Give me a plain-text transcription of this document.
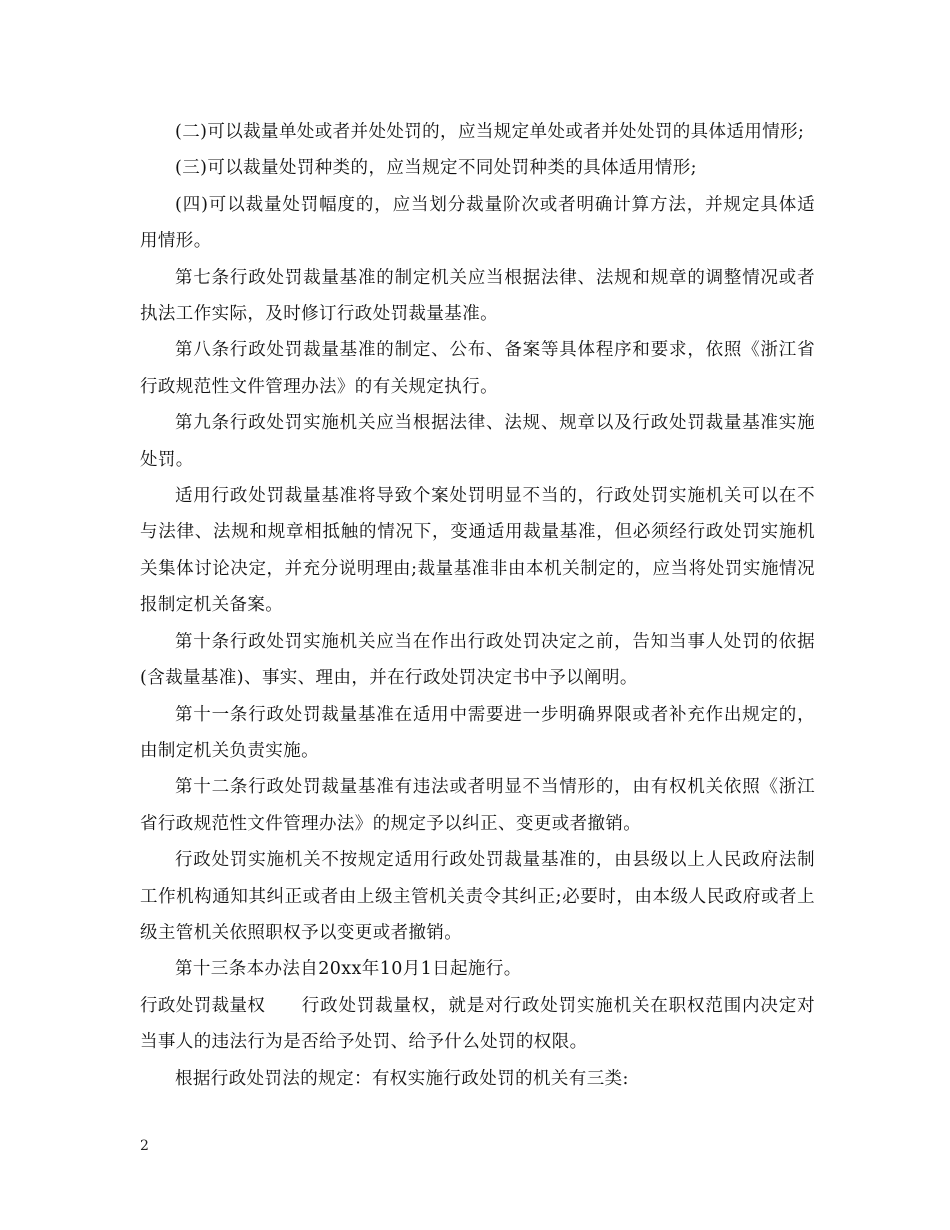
(二)可以裁量单处或者并处处罚的，应当规定单处或者并处处罚的具体适用情形;

(三)可以裁量处罚种类的，应当规定不同处罚种类的具体适用情形;

(四)可以裁量处罚幅度的，应当划分裁量阶次或者明确计算方法，并规定具体适用情形。

第七条行政处罚裁量基准的制定机关应当根据法律、法规和规章的调整情况或者执法工作实际，及时修订行政处罚裁量基准。

第八条行政处罚裁量基准的制定、公布、备案等具体程序和要求，依照《浙江省行政规范性文件管理办法》的有关规定执行。

第九条行政处罚实施机关应当根据法律、法规、规章以及行政处罚裁量基准实施处罚。

适用行政处罚裁量基准将导致个案处罚明显不当的，行政处罚实施机关可以在不与法律、法规和规章相抵触的情况下，变通适用裁量基准，但必须经行政处罚实施机关集体讨论决定，并充分说明理由;裁量基准非由本机关制定的，应当将处罚实施情况报制定机关备案。

第十条行政处罚实施机关应当在作出行政处罚决定之前，告知当事人处罚的依据(含裁量基准)、事实、理由，并在行政处罚决定书中予以阐明。

第十一条行政处罚裁量基准在适用中需要进一步明确界限或者补充作出规定的，由制定机关负责实施。

第十二条行政处罚裁量基准有违法或者明显不当情形的，由有权机关依照《浙江省行政规范性文件管理办法》的规定予以纠正、变更或者撤销。

行政处罚实施机关不按规定适用行政处罚裁量基准的，由县级以上人民政府法制工作机构通知其纠正或者由上级主管机关责令其纠正;必要时，由本级人民政府或者上级主管机关依照职权予以变更或者撤销。

第十三条本办法自20xx年10月1日起施行。

行政处罚裁量权 行政处罚裁量权，就是对行政处罚实施机关在职权范围内决定对当事人的违法行为是否给予处罚、给予什么处罚的权限。

根据行政处罚法的规定：有权实施行政处罚的机关有三类:

2
